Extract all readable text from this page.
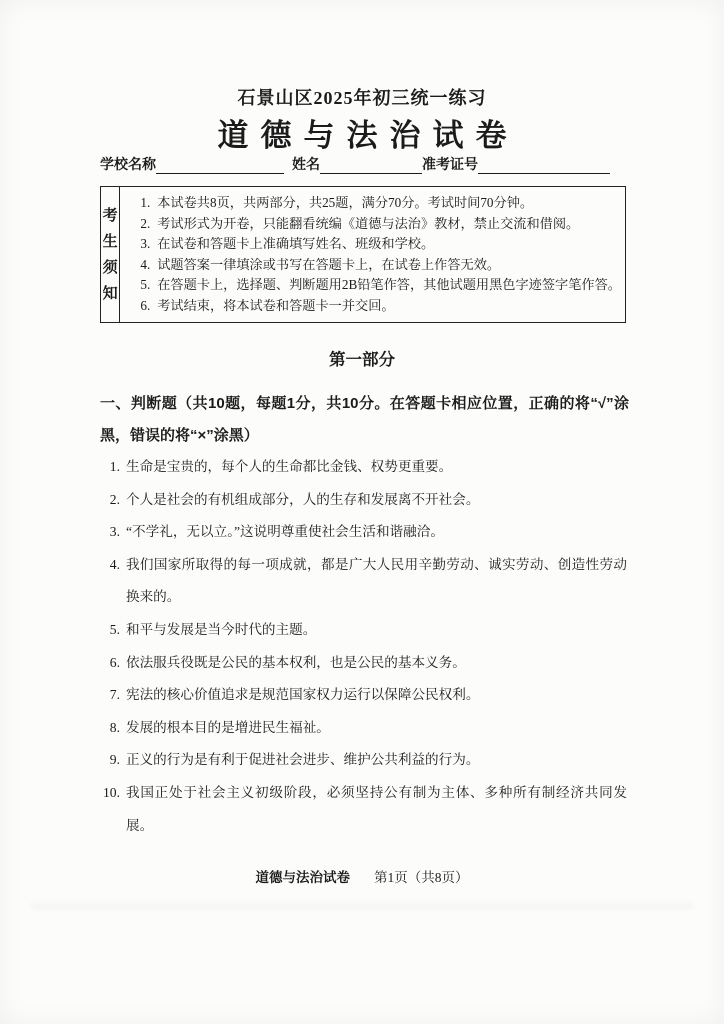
石景山区2025年初三统一练习
道德与法治试卷
学校名称	姓名	准考证号
考生须知
1. 本试卷共8页，共两部分，共25题，满分70分。考试时间70分钟。
2. 考试形式为开卷，只能翻看统编《道德与法治》教材，禁止交流和借阅。
3. 在试卷和答题卡上准确填写姓名、班级和学校。
4. 试题答案一律填涂或书写在答题卡上，在试卷上作答无效。
5. 在答题卡上，选择题、判断题用2B铅笔作答，其他试题用黑色字迹签字笔作答。
6. 考试结束，将本试卷和答题卡一并交回。
第一部分
一、判断题（共10题，每题1分，共10分。在答题卡相应位置，正确的将“√”涂黑，错误的将“×”涂黑）
1. 生命是宝贵的，每个人的生命都比金钱、权势更重要。
2. 个人是社会的有机组成部分，人的生存和发展离不开社会。
3. “不学礼，无以立。”这说明尊重使社会生活和谐融洽。
4. 我们国家所取得的每一项成就，都是广大人民用辛勤劳动、诚实劳动、创造性劳动换来的。
5. 和平与发展是当今时代的主题。
6. 依法服兵役既是公民的基本权利，也是公民的基本义务。
7. 宪法的核心价值追求是规范国家权力运行以保障公民权利。
8. 发展的根本目的是增进民生福祉。
9. 正义的行为是有利于促进社会进步、维护公共利益的行为。
10. 我国正处于社会主义初级阶段，必须坚持公有制为主体、多种所有制经济共同发展。
道德与法治试卷 第1页（共8页）
